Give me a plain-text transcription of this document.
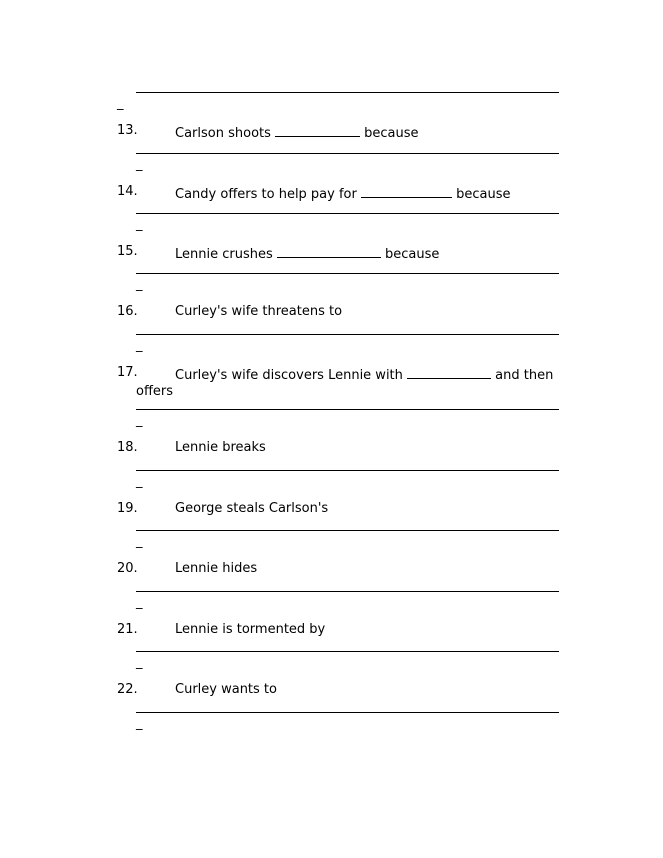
_
13.	Carlson shoots	because
_
14.	Candy offers to help pay for	because
_
15.	Lennie crushes	because
_
16.	Curley's wife threatens to
_
17.	Curley's wife discovers Lennie with	and then
offers
_
18.	Lennie breaks
_
19.	George steals Carlson's
_
20.	Lennie hides
_
21.	Lennie is tormented by
_
22.	Curley wants to
_
